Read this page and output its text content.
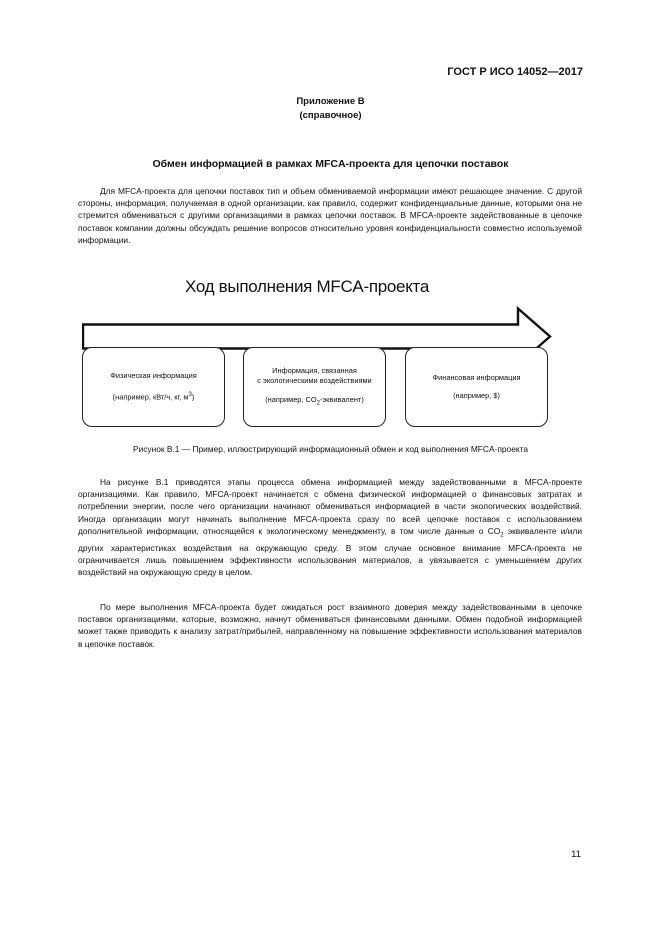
ГОСТ Р ИСО 14052—2017
Приложение В
(справочное)
Обмен информацией в рамках MFCA-проекта для цепочки поставок

Для MFCA-проекта для цепочки поставок тип и объем обмениваемой информации имеют решающее значение. С другой стороны, информация, получаемая в одной организации, как правило, содержит конфиденциальные данные, которыми она не стремится обмениваться с другими организациями в рамках цепочки поставок. В MFCA-проекте задействованные в цепочке поставок компании должны обсуждать решение вопросов относительно уровня конфиденциальности совместно используемой информации.

Ход выполнения MFCA-проекта
Физическая информация
(например, кВт/ч, кг, $м^3$)
Информация, связанная
с экологическими воздействиями
(например, $CO_2-эквивалент$)
Финансовая информация
(например, $)
Рисунок В.1 — Пример, иллюстрирующий информационный обмен и ход выполнения MFCA-проекта

На рисунке В.1 приводятся этапы процесса обмена информацией между задействованными в MFCA-проекте организациями. Как правило, MFCA-проект начинается с обмена физической информацией о финансовых затратах и потреблении энергии, после чего организации начинают обмениваться информацией в части экологических воздействий. Иногда организации могут начинать выполнение MFCA-проекта сразу по всей цепочке поставок с использованием дополнительной информации, относящейся к экологическому менеджменту, в том числе данные о $CO_2$ эквиваленте и/или других характеристиках воздействия на окружающую среду. В этом случае основное внимание MFCA-проекта не ограничивается лишь повышением эффективности использования материалов, а увязывается с уменьшением других воздействий на окружающую среду в целом.

По мере выполнения MFCA-проекта будет ожидаться рост взаимного доверия между задействованными в цепочке поставок организациями, которые, возможно, начнут обмениваться финансовыми данными. Обмен подобной информацией может также приводить к анализу затрат/прибылей, направленному на повышение эффективности использования материалов в цепочке поставок.

11
